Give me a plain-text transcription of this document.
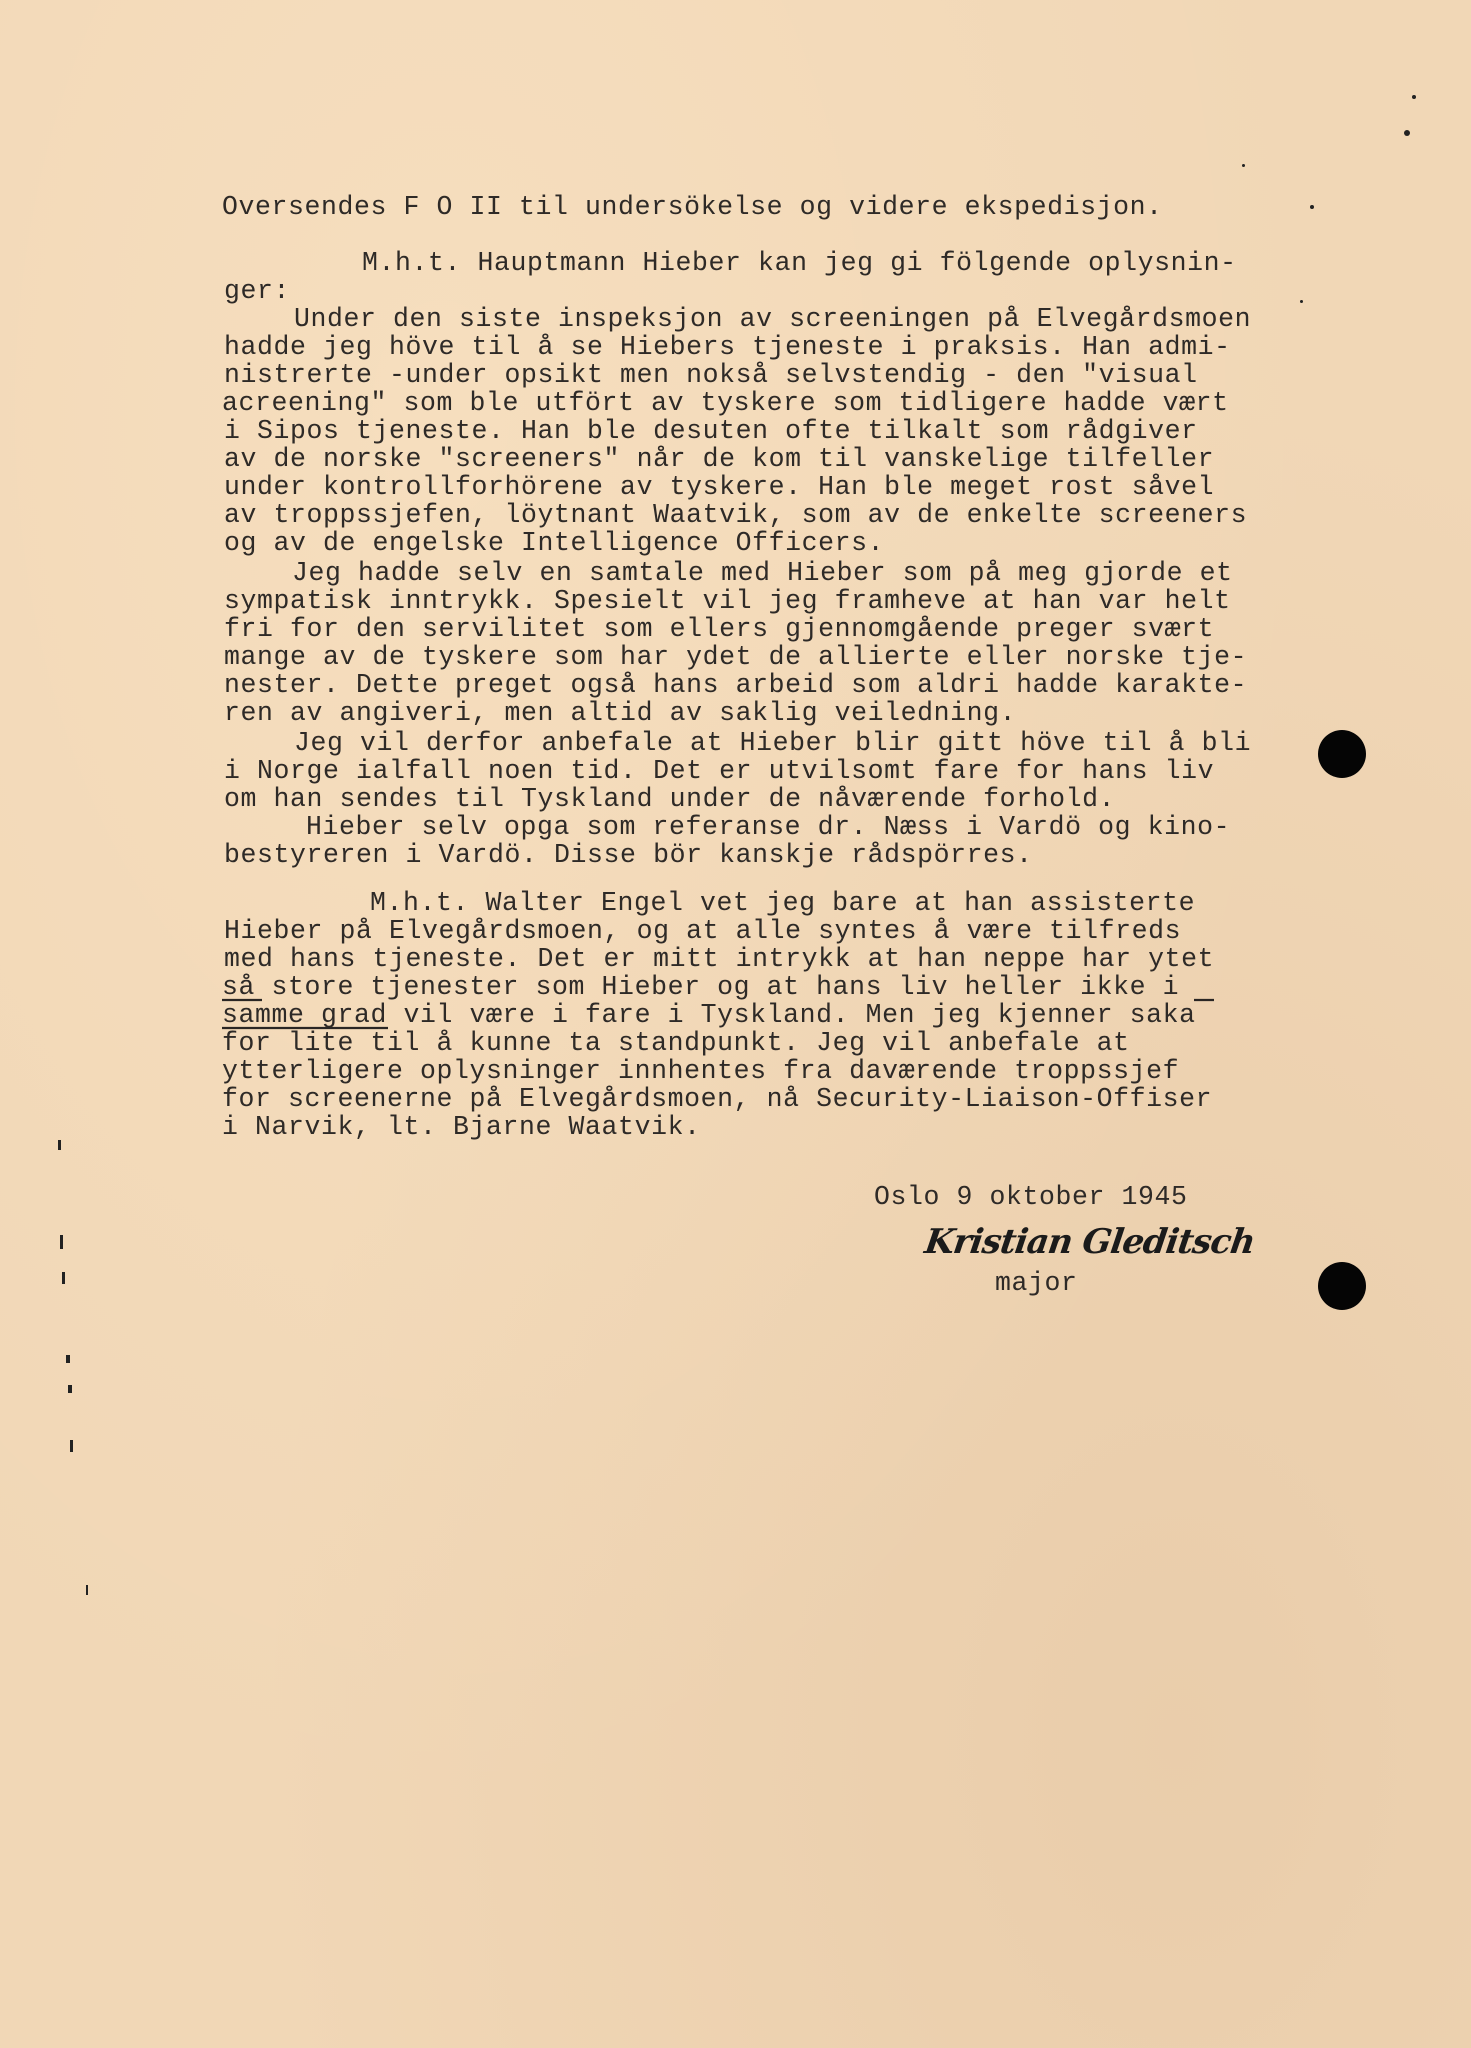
Oversendes F O II til undersökelse og videre ekspedisjon.
M.h.t. Hauptmann Hieber kan jeg gi fölgende oplysnin-
ger:
Under den siste inspeksjon av screeningen på Elvegårdsmoen
hadde jeg höve til å se Hiebers tjeneste i praksis. Han admi-
nistrerte -under opsikt men nokså selvstendig - den "visual
acreening" som ble utfört av tyskere som tidligere hadde vært
i Sipos tjeneste. Han ble desuten ofte tilkalt som rådgiver
av de norske "screeners" når de kom til vanskelige tilfeller
under kontrollforhörene av tyskere. Han ble meget rost såvel
av troppssjefen, löytnant Waatvik, som av de enkelte screeners
og av de engelske Intelligence Officers.
Jeg hadde selv en samtale med Hieber som på meg gjorde et
sympatisk inntrykk. Spesielt vil jeg framheve at han var helt
fri for den servilitet som ellers gjennomgående preger svært
mange av de tyskere som har ydet de allierte eller norske tje-
nester. Dette preget også hans arbeid som aldri hadde karakte-
ren av angiveri, men altid av saklig veiledning.
Jeg vil derfor anbefale at Hieber blir gitt höve til å bli
i Norge ialfall noen tid. Det er utvilsomt fare for hans liv
om han sendes til Tyskland under de nåværende forhold.
Hieber selv opga som referanse dr. Næss i Vardö og kino-
bestyreren i Vardö. Disse bör kanskje rådspörres.
M.h.t. Walter Engel vet jeg bare at han assisterte
Hieber på Elvegårdsmoen, og at alle syntes å være tilfreds
med hans tjeneste. Det er mitt intrykk at han neppe har ytet
så store tjenester som Hieber og at hans liv heller ikke i
samme grad vil være i fare i Tyskland. Men jeg kjenner saka
for lite til å kunne ta standpunkt. Jeg vil anbefale at
ytterligere oplysninger innhentes fra daværende troppssjef
for screenerne på Elvegårdsmoen, nå Security-Liaison-Offiser
i Narvik, lt. Bjarne Waatvik.
Oslo 9 oktober 1945
Kristian Gleditsch
major
